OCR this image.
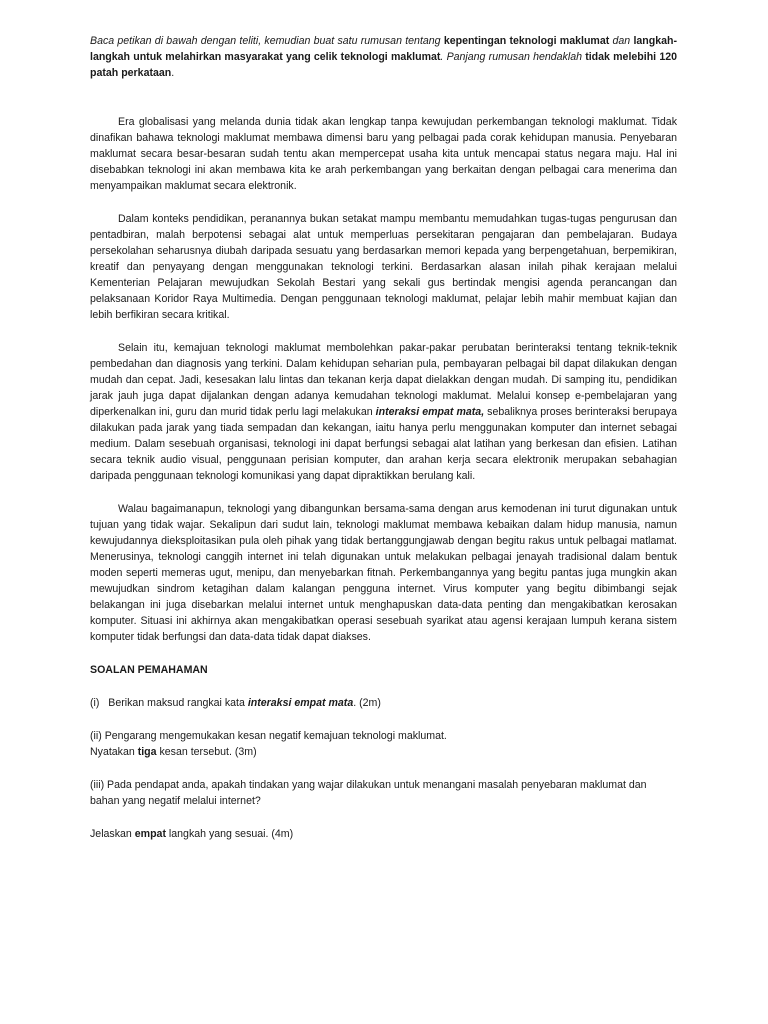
Baca petikan di bawah dengan teliti, kemudian buat satu rumusan tentang kepentingan teknologi maklumat dan langkah-langkah untuk melahirkan masyarakat yang celik teknologi maklumat. Panjang rumusan hendaklah tidak melebihi 120 patah perkataan.

Era globalisasi yang melanda dunia tidak akan lengkap tanpa kewujudan perkembangan teknologi maklumat. Tidak dinafikan bahawa teknologi maklumat membawa dimensi baru yang pelbagai pada corak kehidupan manusia. Penyebaran maklumat secara besar-besaran sudah tentu akan mempercepat usaha kita untuk mencapai status negara maju. Hal ini disebabkan teknologi ini akan membawa kita ke arah perkembangan yang berkaitan dengan pelbagai cara menerima dan menyampaikan maklumat secara elektronik.

Dalam konteks pendidikan, peranannya bukan setakat mampu membantu memudahkan tugas-tugas pengurusan dan pentadbiran, malah berpotensi sebagai alat untuk memperluas persekitaran pengajaran dan pembelajaran. Budaya persekolahan seharusnya diubah daripada sesuatu yang berdasarkan memori kepada yang berpengetahuan, berpemikiran, kreatif dan penyayang dengan menggunakan teknologi terkini. Berdasarkan alasan inilah pihak kerajaan melalui Kementerian Pelajaran mewujudkan Sekolah Bestari yang sekali gus bertindak mengisi agenda perancangan dan pelaksanaan Koridor Raya Multimedia. Dengan penggunaan teknologi maklumat, pelajar lebih mahir membuat kajian dan lebih berfikiran secara kritikal.

Selain itu, kemajuan teknologi maklumat membolehkan pakar-pakar perubatan berinteraksi tentang teknik-teknik pembedahan dan diagnosis yang terkini. Dalam kehidupan seharian pula, pembayaran pelbagai bil dapat dilakukan dengan mudah dan cepat. Jadi, kesesakan lalu lintas dan tekanan kerja dapat dielakkan dengan mudah. Di samping itu, pendidikan jarak jauh juga dapat dijalankan dengan adanya kemudahan teknologi maklumat. Melalui konsep e-pembelajaran yang diperkenalkan ini, guru dan murid tidak perlu lagi melakukan interaksi empat mata, sebaliknya proses berinteraksi berupaya dilakukan pada jarak yang tiada sempadan dan kekangan, iaitu hanya perlu menggunakan komputer dan internet sebagai medium. Dalam sesebuah organisasi, teknologi ini dapat berfungsi sebagai alat latihan yang berkesan dan efisien. Latihan secara teknik audio visual, penggunaan perisian komputer, dan arahan kerja secara elektronik merupakan sebahagian daripada penggunaan teknologi komunikasi yang dapat dipraktikkan berulang kali.

Walau bagaimanapun, teknologi yang dibangunkan bersama-sama dengan arus kemodenan ini turut digunakan untuk tujuan yang tidak wajar. Sekalipun dari sudut lain, teknologi maklumat membawa kebaikan dalam hidup manusia, namun kewujudannya dieksploitasikan pula oleh pihak yang tidak bertanggungjawab dengan begitu rakus untuk pelbagai matlamat. Menerusinya, teknologi canggih internet ini telah digunakan untuk melakukan pelbagai jenayah tradisional dalam bentuk moden seperti memeras ugut, menipu, dan menyebarkan fitnah. Perkembangannya yang begitu pantas juga mungkin akan mewujudkan sindrom ketagihan dalam kalangan pengguna internet. Virus komputer yang begitu dibimbangi sejak belakangan ini juga disebarkan melalui internet untuk menghapuskan data-data penting dan mengakibatkan kerosakan komputer. Situasi ini akhirnya akan mengakibatkan operasi sesebuah syarikat atau agensi kerajaan lumpuh kerana sistem komputer tidak berfungsi dan data-data tidak dapat diakses.

SOALAN PEMAHAMAN
(i) Berikan maksud rangkai kata interaksi empat mata. (2m)
(ii) Pengarang mengemukakan kesan negatif kemajuan teknologi maklumat.
Nyatakan tiga kesan tersebut. (3m)
(iii) Pada pendapat anda, apakah tindakan yang wajar dilakukan untuk menangani masalah penyebaran maklumat dan bahan yang negatif melalui internet?
Jelaskan empat langkah yang sesuai. (4m)
